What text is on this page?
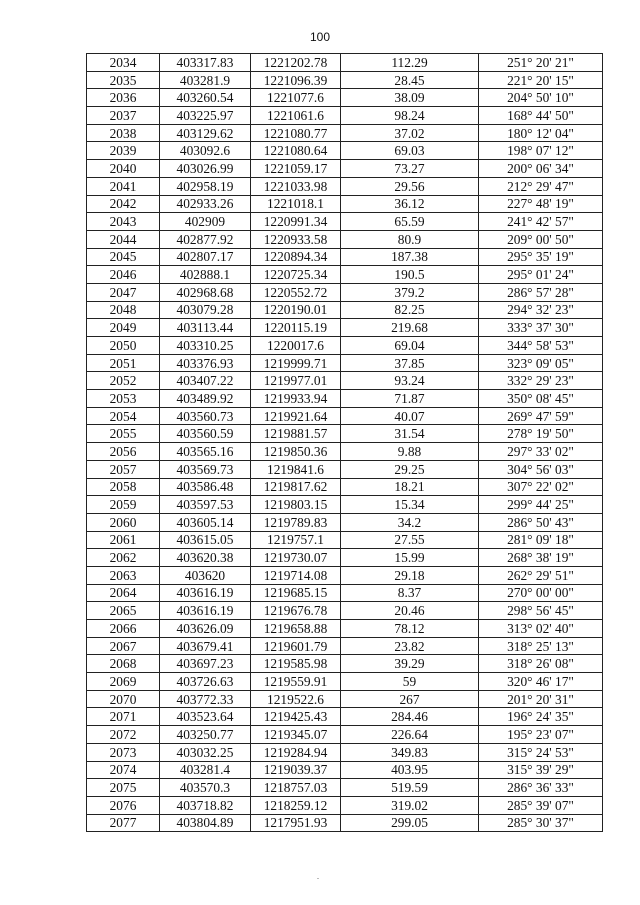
100
2034	403317.83	1221202.78	112.29	251° 20' 21"
2035	403281.9	1221096.39	28.45	221° 20' 15"
2036	403260.54	1221077.6	38.09	204° 50' 10"
2037	403225.97	1221061.6	98.24	168° 44' 50"
2038	403129.62	1221080.77	37.02	180° 12' 04"
2039	403092.6	1221080.64	69.03	198° 07' 12"
2040	403026.99	1221059.17	73.27	200° 06' 34"
2041	402958.19	1221033.98	29.56	212° 29' 47"
2042	402933.26	1221018.1	36.12	227° 48' 19"
2043	402909	1220991.34	65.59	241° 42' 57"
2044	402877.92	1220933.58	80.9	209° 00' 50"
2045	402807.17	1220894.34	187.38	295° 35' 19"
2046	402888.1	1220725.34	190.5	295° 01' 24"
2047	402968.68	1220552.72	379.2	286° 57' 28"
2048	403079.28	1220190.01	82.25	294° 32' 23"
2049	403113.44	1220115.19	219.68	333° 37' 30"
2050	403310.25	1220017.6	69.04	344° 58' 53"
2051	403376.93	1219999.71	37.85	323° 09' 05"
2052	403407.22	1219977.01	93.24	332° 29' 23"
2053	403489.92	1219933.94	71.87	350° 08' 45"
2054	403560.73	1219921.64	40.07	269° 47' 59"
2055	403560.59	1219881.57	31.54	278° 19' 50"
2056	403565.16	1219850.36	9.88	297° 33' 02"
2057	403569.73	1219841.6	29.25	304° 56' 03"
2058	403586.48	1219817.62	18.21	307° 22' 02"
2059	403597.53	1219803.15	15.34	299° 44' 25"
2060	403605.14	1219789.83	34.2	286° 50' 43"
2061	403615.05	1219757.1	27.55	281° 09' 18"
2062	403620.38	1219730.07	15.99	268° 38' 19"
2063	403620	1219714.08	29.18	262° 29' 51"
2064	403616.19	1219685.15	8.37	270° 00' 00"
2065	403616.19	1219676.78	20.46	298° 56' 45"
2066	403626.09	1219658.88	78.12	313° 02' 40"
2067	403679.41	1219601.79	23.82	318° 25' 13"
2068	403697.23	1219585.98	39.29	318° 26' 08"
2069	403726.63	1219559.91	59	320° 46' 17"
2070	403772.33	1219522.6	267	201° 20' 31"
2071	403523.64	1219425.43	284.46	196° 24' 35"
2072	403250.77	1219345.07	226.64	195° 23' 07"
2073	403032.25	1219284.94	349.83	315° 24' 53"
2074	403281.4	1219039.37	403.95	315° 39' 29"
2075	403570.3	1218757.03	519.59	286° 36' 33"
2076	403718.82	1218259.12	319.02	285° 39' 07"
2077	403804.89	1217951.93	299.05	285° 30' 37"
